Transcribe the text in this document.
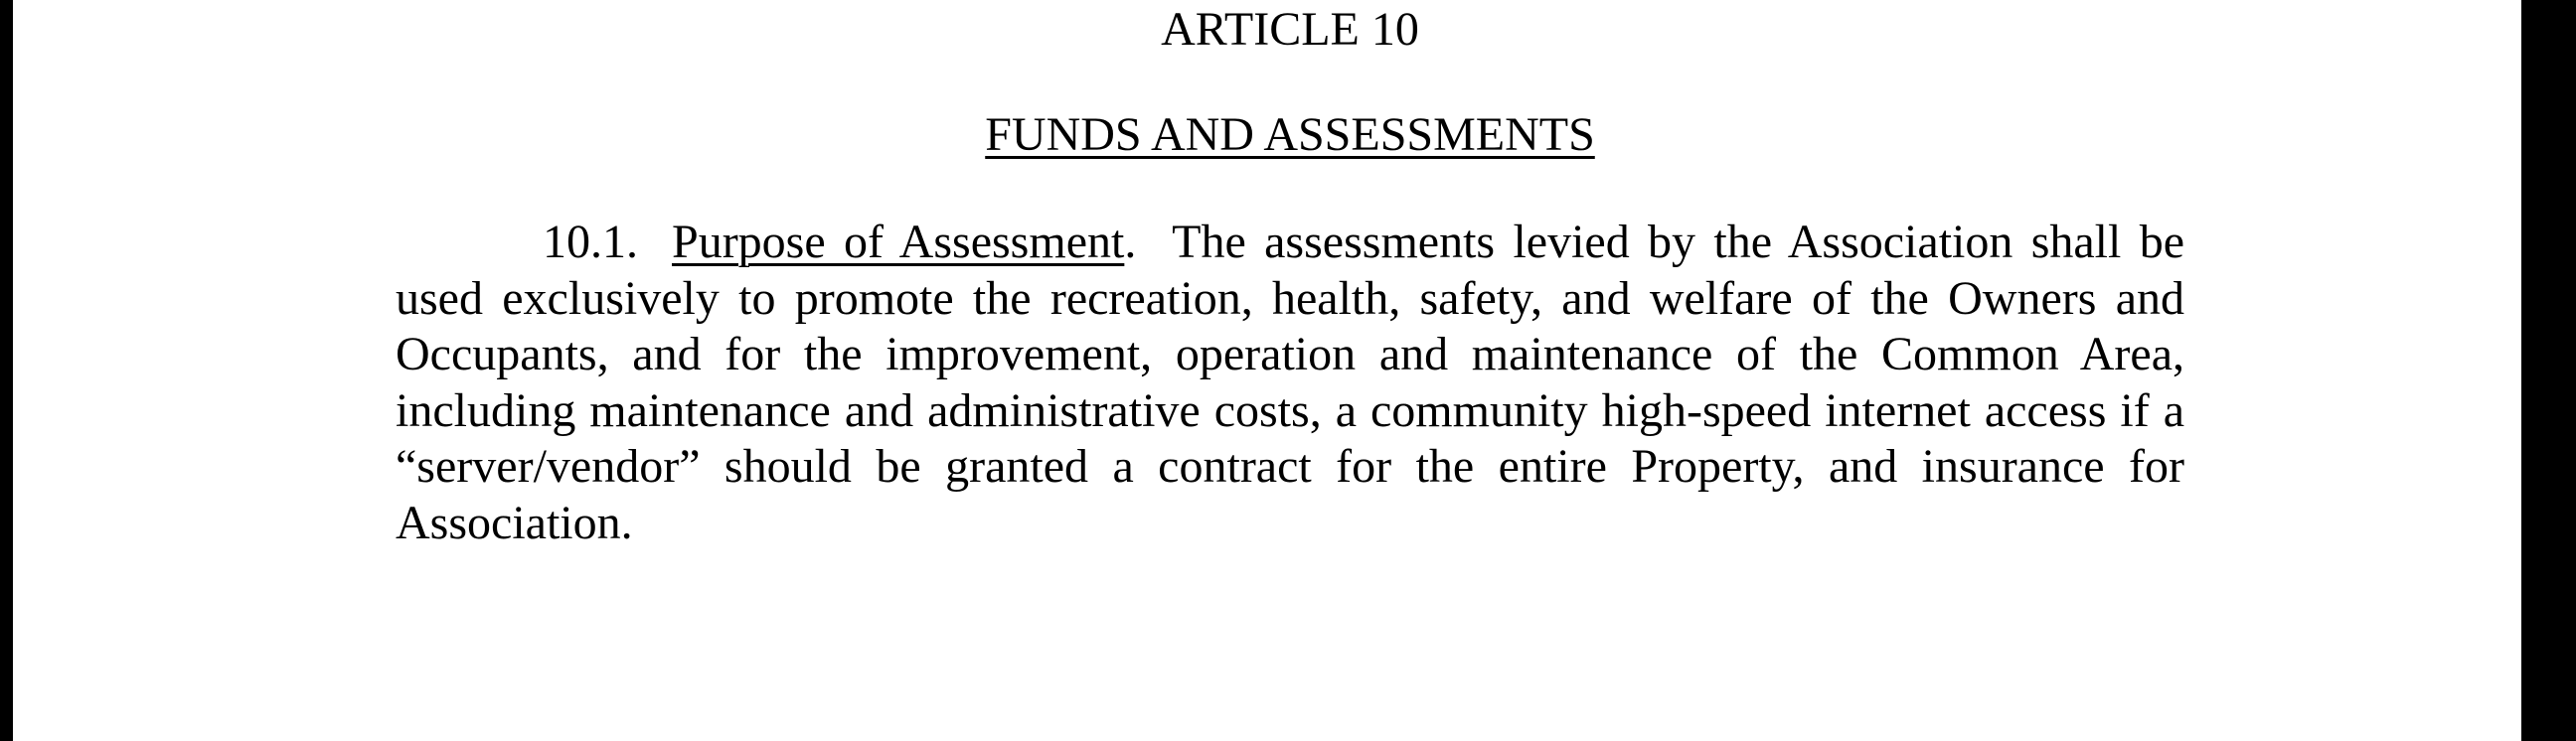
ARTICLE 10
FUNDS AND ASSESSMENTS

10.1. Purpose of Assessment. The assessments levied by the Association shall be used exclusively to promote the recreation, health, safety, and welfare of the Owners and Occupants, and for the improvement, operation and maintenance of the Common Area, including maintenance and administrative costs, a community high-speed internet access if a “server/vendor” should be granted a contract for the entire Property, and insurance for Association.
